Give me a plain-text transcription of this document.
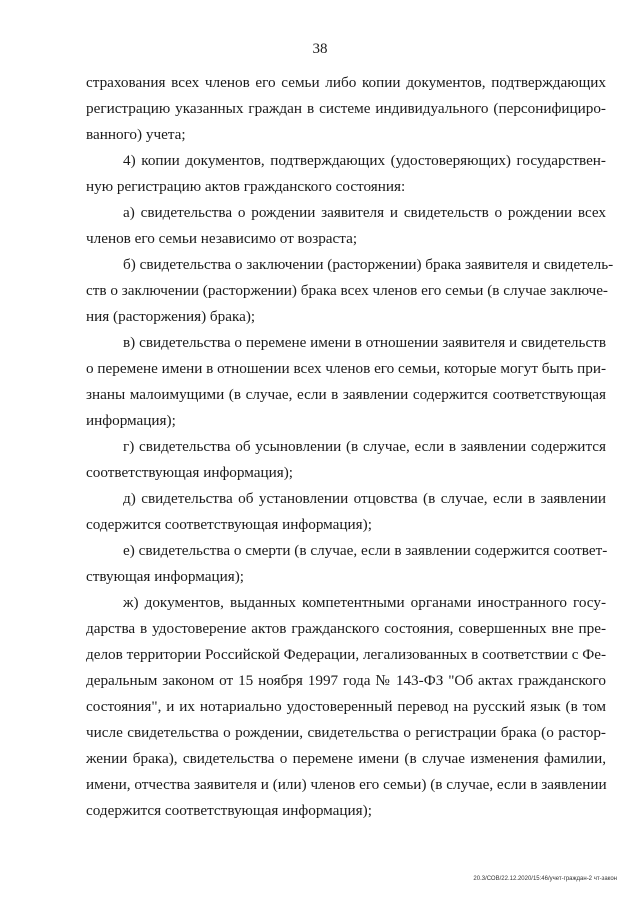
38
страхования всех членов его семьи либо копии документов, подтверждающих
регистрацию указанных граждан в системе индивидуального (персонифициро-
ванного) учета;
4) копии документов, подтверждающих (удостоверяющих) государствен-
ную регистрацию актов гражданского состояния:
а) свидетельства о рождении заявителя и свидетельств о рождении всех
членов его семьи независимо от возраста;
б) свидетельства о заключении (расторжении) брака заявителя и свидетель-
ств о заключении (расторжении) брака всех членов его семьи (в случае заключе-
ния (расторжения) брака);
в) свидетельства о перемене имени в отношении заявителя и свидетельств
о перемене имени в отношении всех членов его семьи, которые могут быть при-
знаны малоимущими (в случае, если в заявлении содержится соответствующая
информация);
г) свидетельства об усыновлении (в случае, если в заявлении содержится
соответствующая информация);
д) свидетельства об установлении отцовства (в случае, если в заявлении
содержится соответствующая информация);
е) свидетельства о смерти (в случае, если в заявлении содержится соответ-
ствующая информация);
ж) документов, выданных компетентными органами иностранного госу-
дарства в удостоверение актов гражданского состояния, совершенных вне пре-
делов территории Российской Федерации, легализованных в соответствии с Фе-
деральным законом от 15 ноября 1997 года № 143-ФЗ "Об актах гражданского
состояния", и их нотариально удостоверенный перевод на русский язык (в том
числе свидетельства о рождении, свидетельства о регистрации брака (о растор-
жении брака), свидетельства о перемене имени (в случае изменения фамилии,
имени, отчества заявителя и (или) членов его семьи) (в случае, если в заявлении
содержится соответствующая информация);
20.3/СОВ/22.12.2020/15:46/учет-граждан-2 чт-закон
